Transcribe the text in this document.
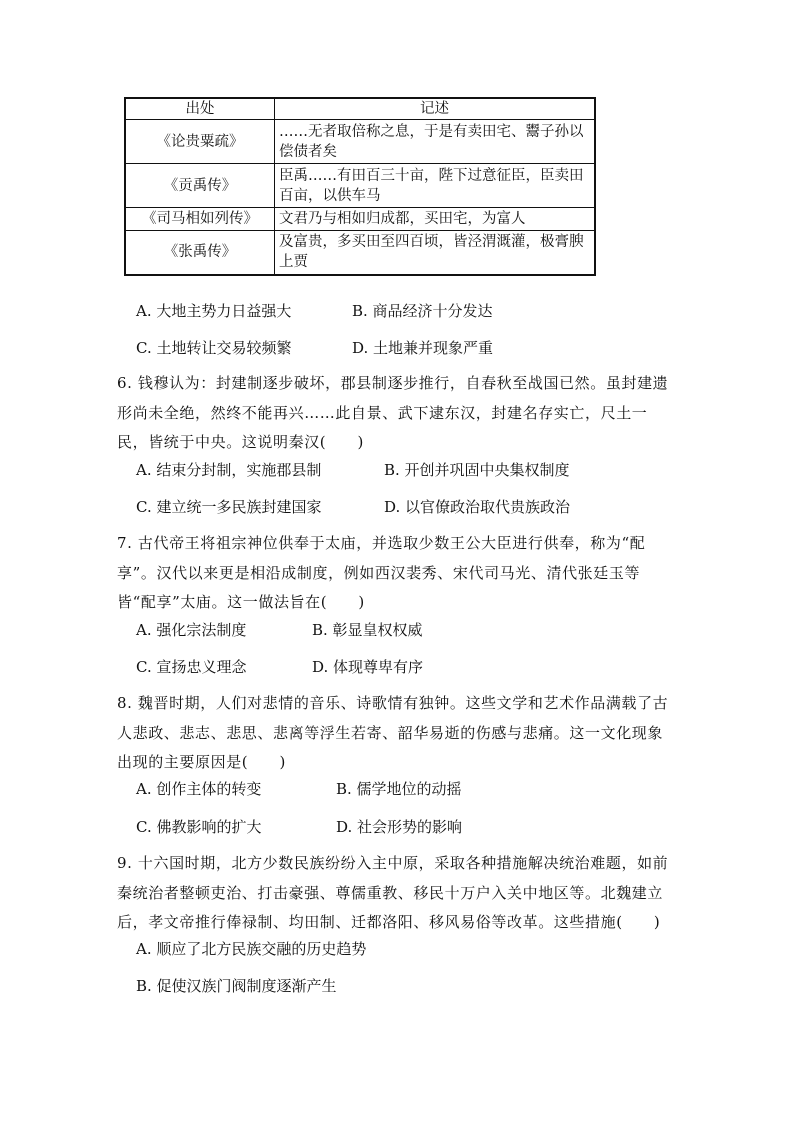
出处	记述
《论贵粟疏》	……无者取倍称之息，于是有卖田宅、鬻子孙以偿债者矣
《贡禹传》	臣禹……有田百三十亩，陛下过意征臣，臣卖田百亩，以供车马
《司马相如列传》	文君乃与相如归成都，买田宅，为富人
《张禹传》	及富贵，多买田至四百顷，皆泾渭溉灌，极膏腴上贾
A. 大地主势力日益强大	B. 商品经济十分发达
C. 土地转让交易较频繁	D. 土地兼并现象严重

6. 钱穆认为：封建制逐步破坏，郡县制逐步推行，自春秋至战国已然。虽封建遗形尚未全绝，然终不能再兴……此自景、武下逮东汉，封建名存实亡，尺土一民，皆统于中央。这说明秦汉(　　)

A. 结束分封制，实施郡县制	B. 开创并巩固中央集权制度
C. 建立统一多民族封建国家	D. 以官僚政治取代贵族政治

7. 古代帝王将祖宗神位供奉于太庙，并选取少数王公大臣进行供奉，称为“配享”。汉代以来更是相沿成制度，例如西汉裴秀、宋代司马光、清代张廷玉等皆“配享”太庙。这一做法旨在(　　)

A. 强化宗法制度	B. 彰显皇权权威
C. 宣扬忠义理念	D. 体现尊卑有序

8. 魏晋时期，人们对悲情的音乐、诗歌情有独钟。这些文学和艺术作品满载了古人悲政、悲志、悲思、悲离等浮生若寄、韶华易逝的伤感与悲痛。这一文化现象出现的主要原因是(　　)

A. 创作主体的转变	B. 儒学地位的动摇
C. 佛教影响的扩大	D. 社会形势的影响

9. 十六国时期，北方少数民族纷纷入主中原，采取各种措施解决统治难题，如前秦统治者整顿吏治、打击豪强、尊儒重教、移民十万户入关中地区等。北魏建立后，孝文帝推行俸禄制、均田制、迁都洛阳、移风易俗等改革。这些措施(　　)

A. 顺应了北方民族交融的历史趋势
B. 促使汉族门阀制度逐渐产生
